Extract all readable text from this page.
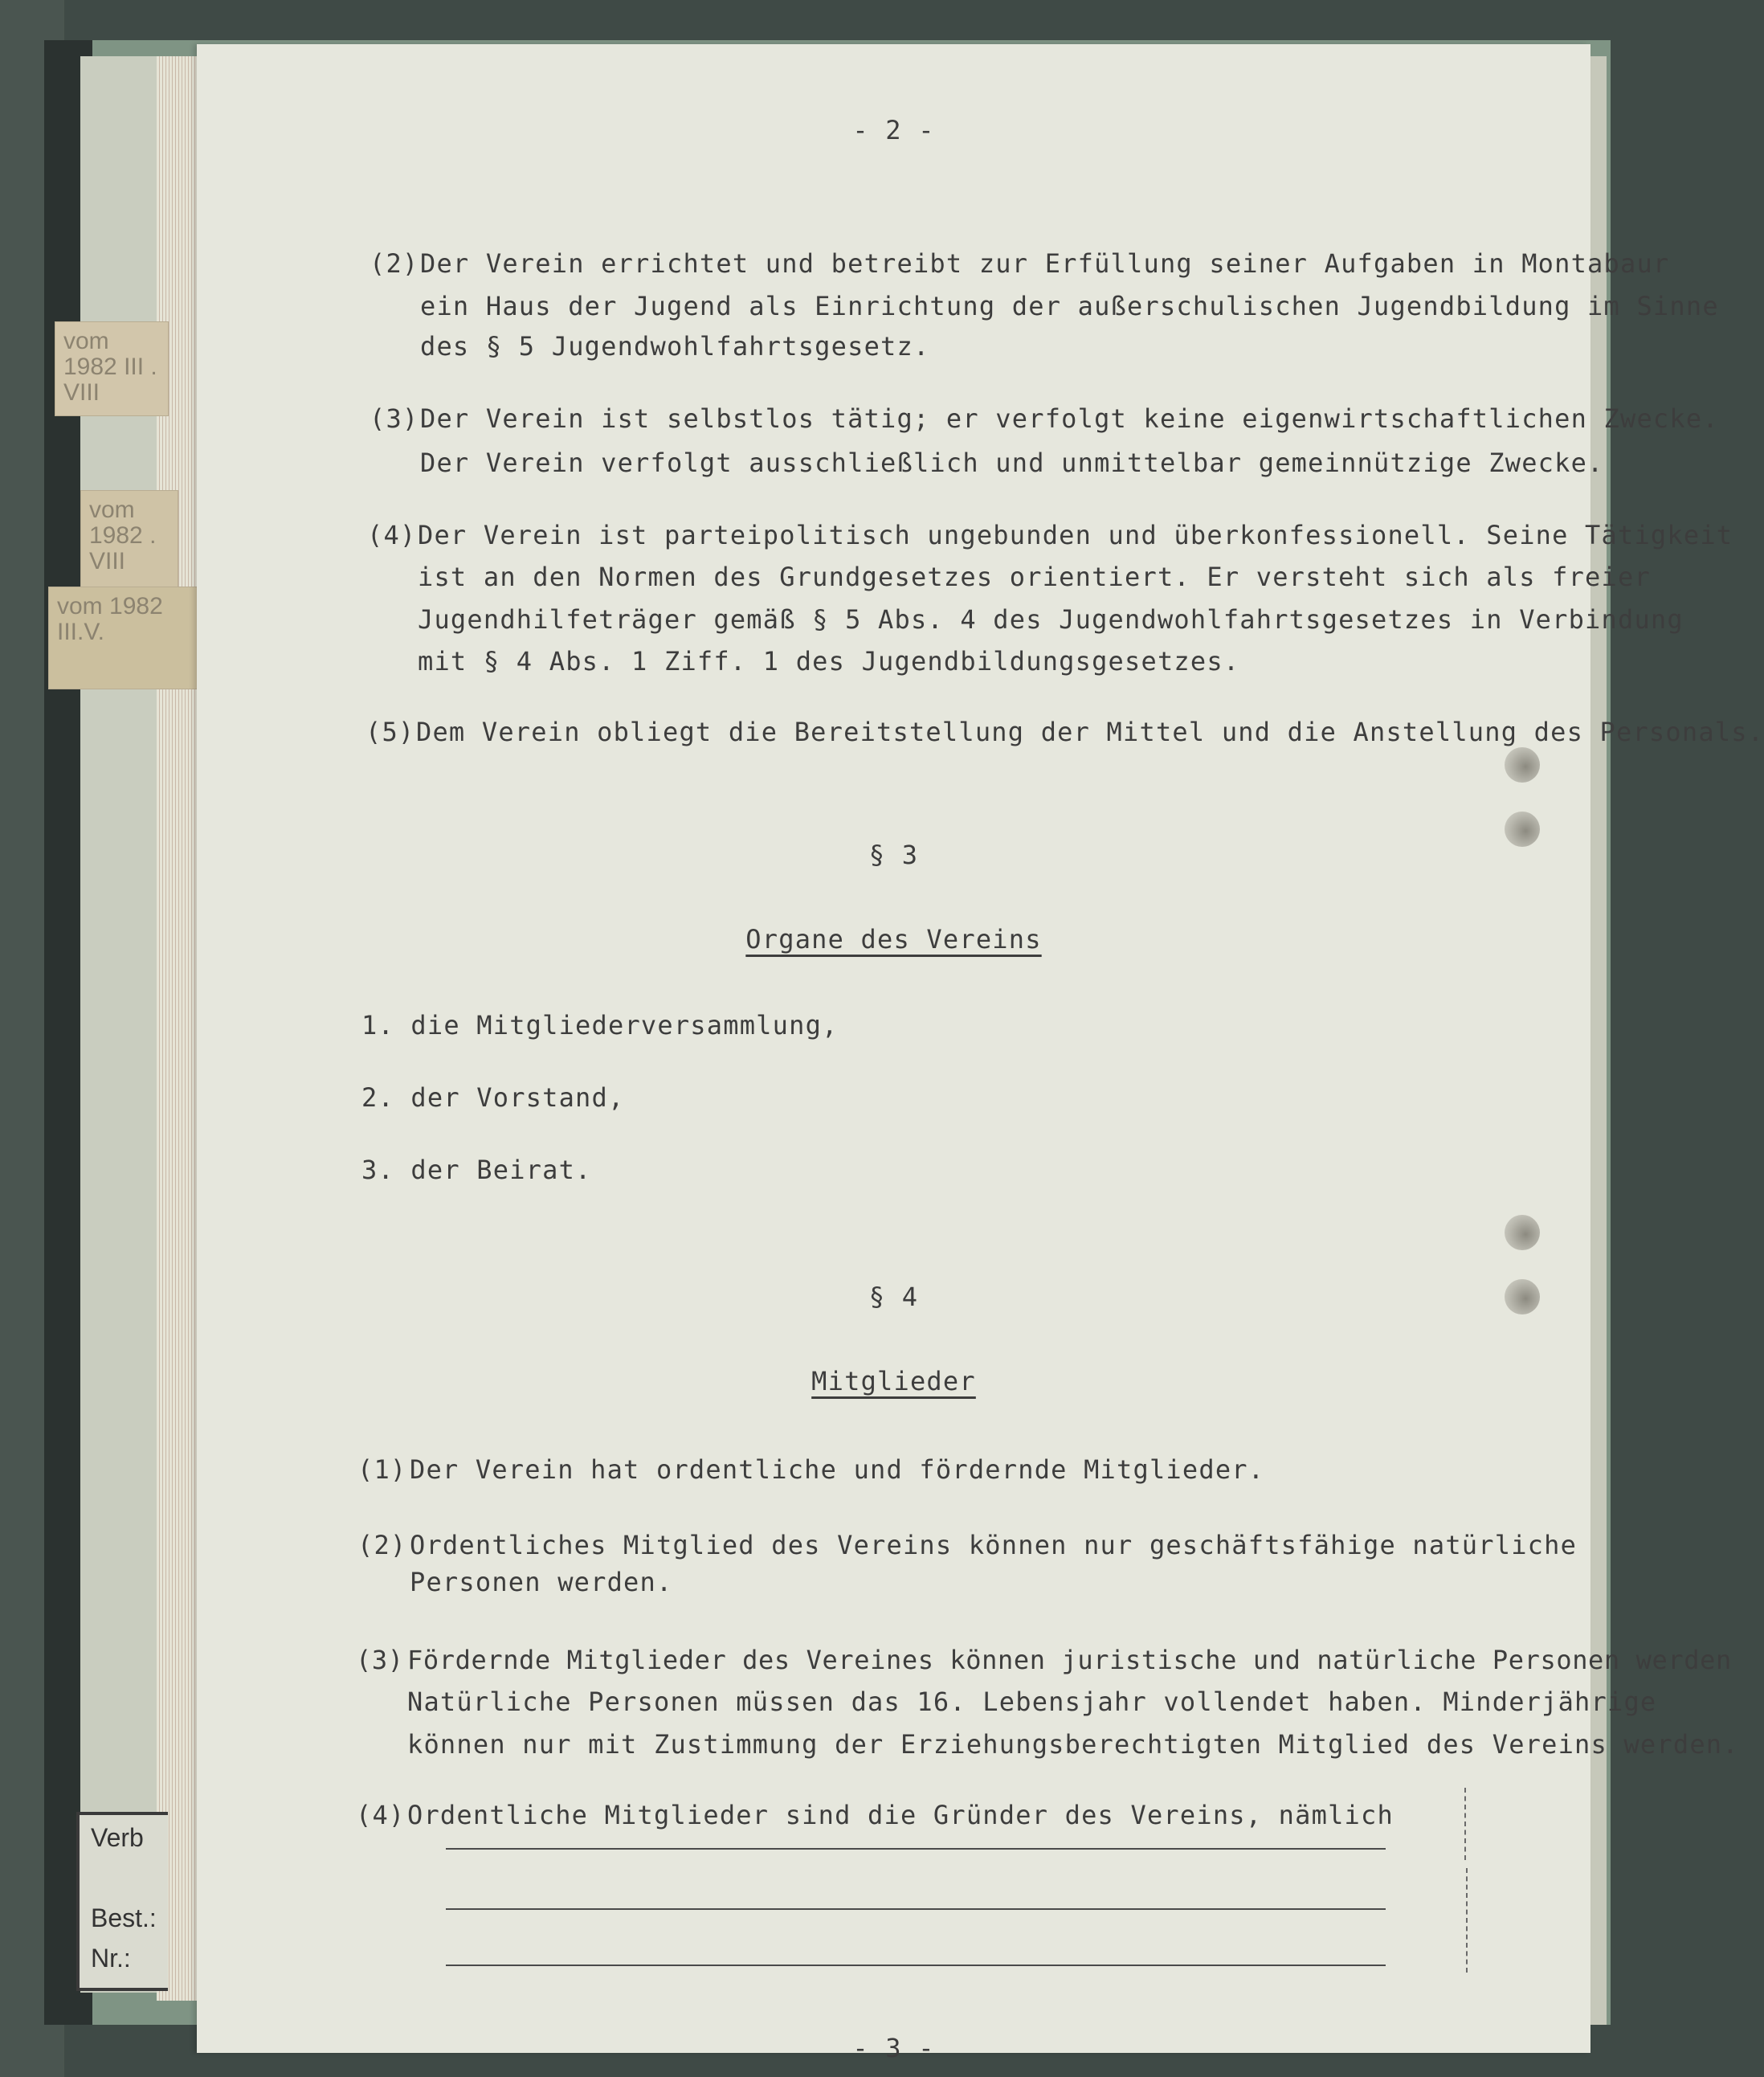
vom 1982 III . VIII
vom 1982 . VIII
vom 1982 III.V.
Verb
Best.:
Nr.:
- 2 -
(2) Der Verein errichtet und betreibt zur Erfüllung seiner Aufgaben in Montabaur
ein Haus der Jugend als Einrichtung der außerschulischen Jugendbildung im Sinne
des § 5 Jugendwohlfahrtsgesetz.
(3) Der Verein ist selbstlos tätig; er verfolgt keine eigenwirtschaftlichen Zwecke.
Der Verein verfolgt ausschließlich und unmittelbar gemeinnützige Zwecke.
(4) Der Verein ist parteipolitisch ungebunden und überkonfessionell. Seine Tätigkeit
ist an den Normen des Grundgesetzes orientiert. Er versteht sich als freier
Jugendhilfeträger gemäß § 5 Abs. 4 des Jugendwohlfahrtsgesetzes in Verbindung
mit § 4 Abs. 1 Ziff. 1 des Jugendbildungsgesetzes.
(5) Dem Verein obliegt die Bereitstellung der Mittel und die Anstellung des Personals.
§ 3
Organe des Vereins
1. die Mitgliederversammlung,
2. der Vorstand,
3. der Beirat.
§ 4
Mitglieder
(1) Der Verein hat ordentliche und fördernde Mitglieder.
(2) Ordentliches Mitglied des Vereins können nur geschäftsfähige natürliche
Personen werden.
(3) Fördernde Mitglieder des Vereines können juristische und natürliche Personen werden
Natürliche Personen müssen das 16. Lebensjahr vollendet haben. Minderjährige
können nur mit Zustimmung der Erziehungsberechtigten Mitglied des Vereins werden.
(4) Ordentliche Mitglieder sind die Gründer des Vereins, nämlich
- 3 -
